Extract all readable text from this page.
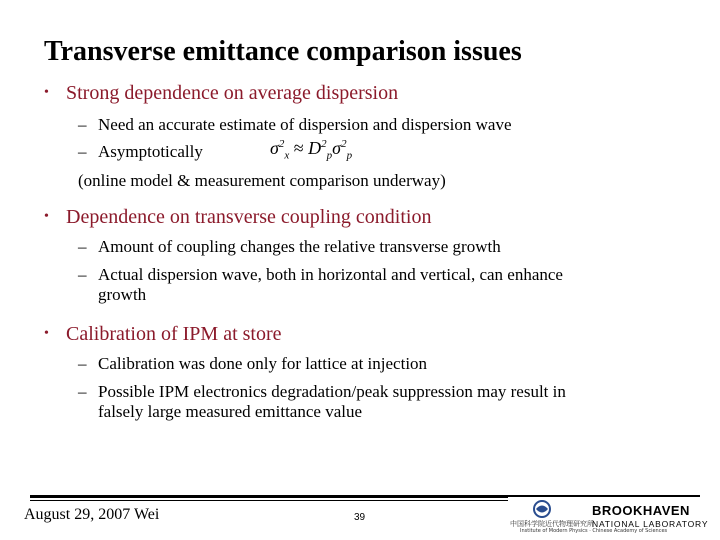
Transverse emittance comparison issues
• Strong dependence on average dispersion
– Need an accurate estimate of dispersion and dispersion wave
– Asymptotically	$\sigma^2_x \approx D^2_p\sigma^2_p$
(online model & measurement comparison underway)
• Dependence on transverse coupling condition
– Amount of coupling changes the relative transverse growth
– Actual dispersion wave, both in horizontal and vertical, can enhance
growth
• Calibration of IPM at store
– Calibration was done only for lattice at injection
– Possible IPM electronics degradation/peak suppression may result in
falsely large measured emittance value
August 29, 2007 Wei	39
中国科学院近代物理研究所
Institute of Modern Physics · Chinese Academy of Sciences
BROOKHAVEN
NATIONAL LABORATORY
